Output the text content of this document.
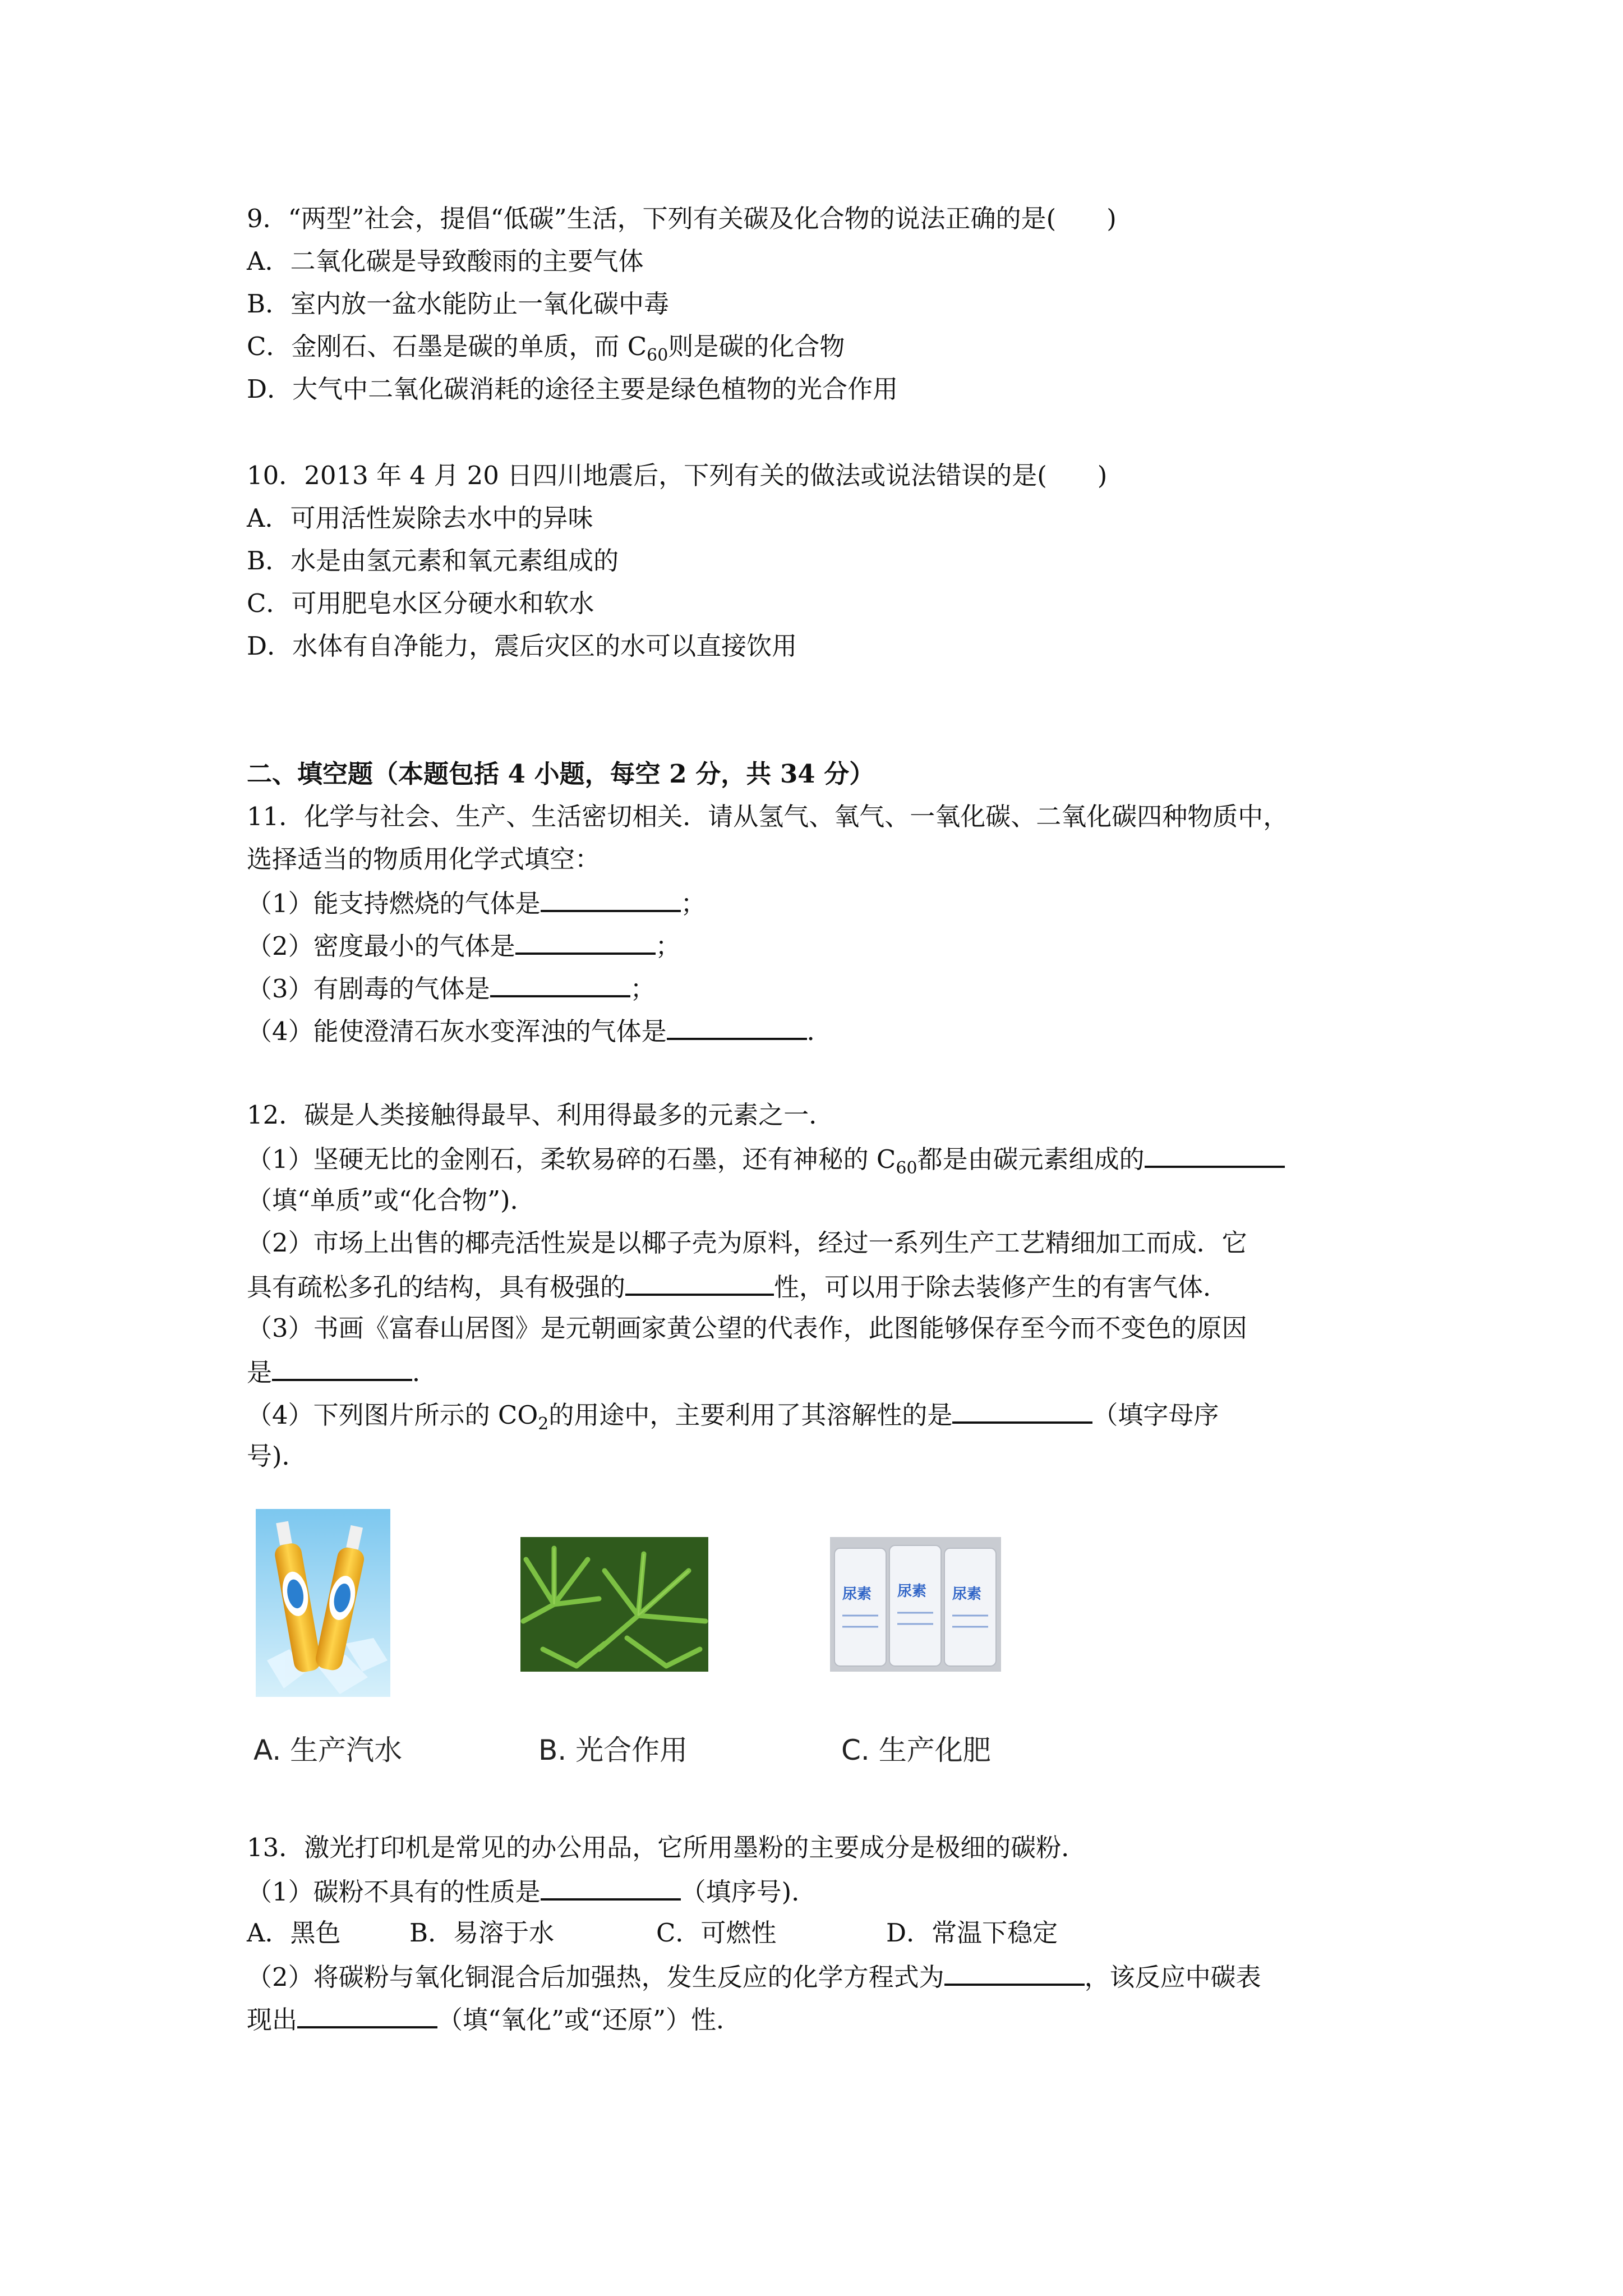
9．“两型”社会，提倡“低碳”生活，下列有关碳及化合物的说法正确的是(　　)
A．二氧化碳是导致酸雨的主要气体
B．室内放一盆水能防止一氧化碳中毒
C．金刚石、石墨是碳的单质，而 $C_{60}$则是碳的化合物
D．大气中二氧化碳消耗的途径主要是绿色植物的光合作用
10．2013 年 4 月 20 日四川地震后，下列有关的做法或说法错误的是(　　)
A．可用活性炭除去水中的异味
B．水是由氢元素和氧元素组成的
C．可用肥皂水区分硬水和软水
D．水体有自净能力，震后灾区的水可以直接饮用
二、填空题（本题包括 4 小题，每空 2 分，共 34 分）
11．化学与社会、生产、生活密切相关．请从氢气、氧气、一氧化碳、二氧化碳四种物质中，
选择适当的物质用化学式填空：
（1）能支持燃烧的气体是	；
（2）密度最小的气体是	；
（3）有剧毒的气体是	；
（4）能使澄清石灰水变浑浊的气体是	．
12．碳是人类接触得最早、利用得最多的元素之一．
（1）坚硬无比的金刚石，柔软易碎的石墨，还有神秘的 $C_{60}$都是由碳元素组成的
（填“单质”或“化合物”)．
（2）市场上出售的椰壳活性炭是以椰子壳为原料，经过一系列生产工艺精细加工而成．它
具有疏松多孔的结构，具有极强的	性，可以用于除去装修产生的有害气体．
（3）书画《富春山居图》是元朝画家黄公望的代表作，此图能够保存至今而不变色的原因
是	．
（4）下列图片所示的 $CO_2$的用途中，主要利用了其溶解性的是	（填字母序
号)．
尿素 尿素 尿素
A. 生产汽水	B. 光合作用	C. 生产化肥
13．激光打印机是常见的办公用品，它所用墨粉的主要成分是极细的碳粉．
（1）碳粉不具有的性质是	（填序号)．
A．黑色	B．易溶于水	C．可燃性	D．常温下稳定
（2）将碳粉与氧化铜混合后加强热，发生反应的化学方程式为	，该反应中碳表
现出	（填“氧化”或“还原”）性．
